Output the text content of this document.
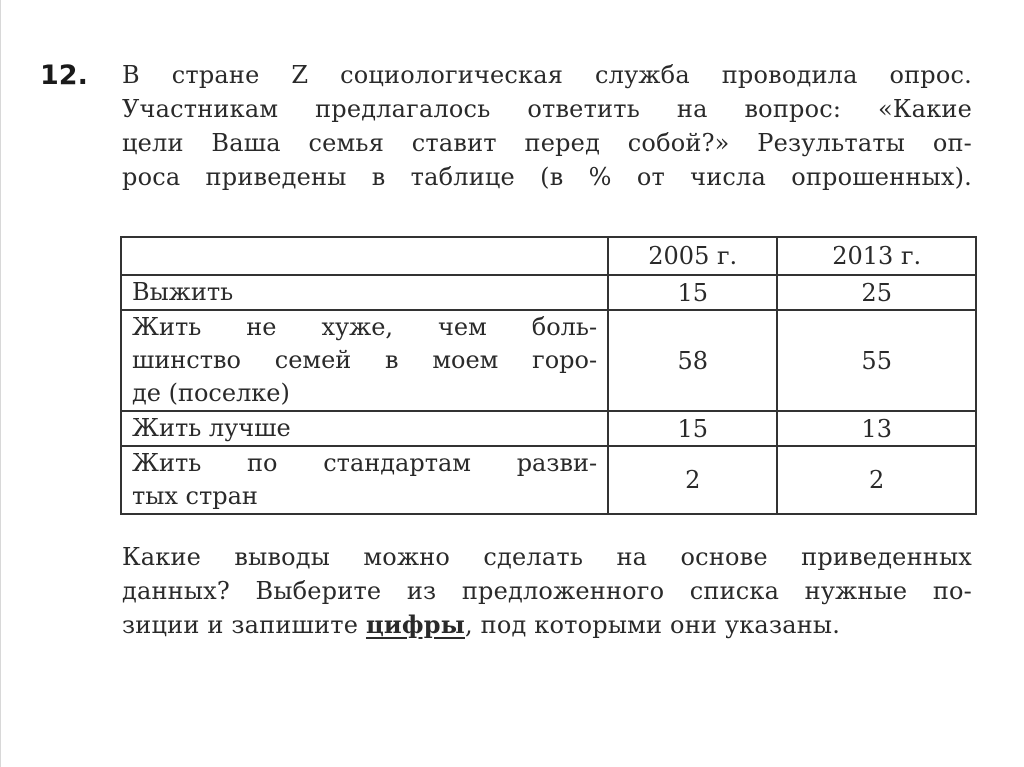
12. В стране Z социологическая служба проводила опрос.
Участникам предлагалось ответить на вопрос: «Какие
цели Ваша семья ставит перед собой?» Результаты оп-
роса приведены в таблице (в % от числа опрошенных).
	2005 г.	2013 г.

Выжить	15	25

Жить не хуже, чем боль-
шинство семей в моем горо-
де (поселке)	58	55

Жить лучше	15	13

Жить по стандартам разви-
тых стран	2	2
Какие выводы можно сделать на основе приведенных
данных? Выберите из предложенного списка нужные по-
зиции и запишите цифры, под которыми они указаны.
